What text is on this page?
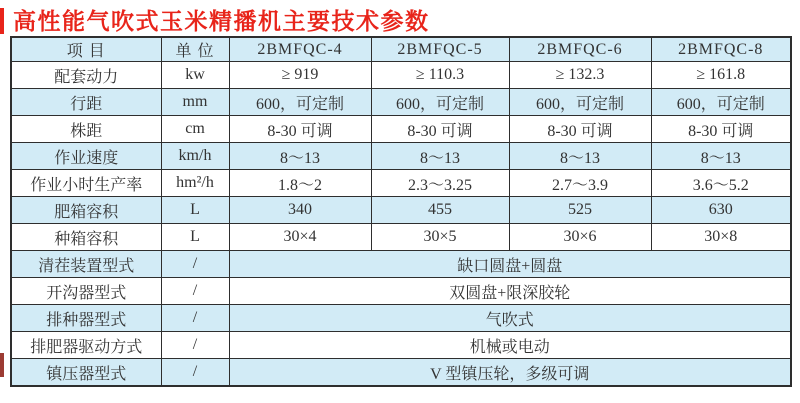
高性能气吹式玉米精播机主要技术参数
项 目	单 位	2BMFQC-4	2BMFQC-5	2BMFQC-6	2BMFQC-8
配套动力	kw	≥ 919	≥ 110.3	≥ 132.3	≥ 161.8
行距	mm	600，可定制	600，可定制	600，可定制	600，可定制
株距	cm	8-30 可调	8-30 可调	8-30 可调	8-30 可调
作业速度	km/h	8～13	8～13	8～13	8～13
作业小时生产率	hm²/h	1.8～2	2.3～3.25	2.7～3.9	3.6～5.2
肥箱容积	L	340	455	525	630
种箱容积	L	30×4	30×5	30×6	30×8
清茬装置型式	/	缺口圆盘+圆盘			
开沟器型式	/	双圆盘+限深胶轮			
排种器型式	/	气吹式			
排肥器驱动方式	/	机械或电动			
镇压器型式	/	V 型镇压轮，多级可调			
